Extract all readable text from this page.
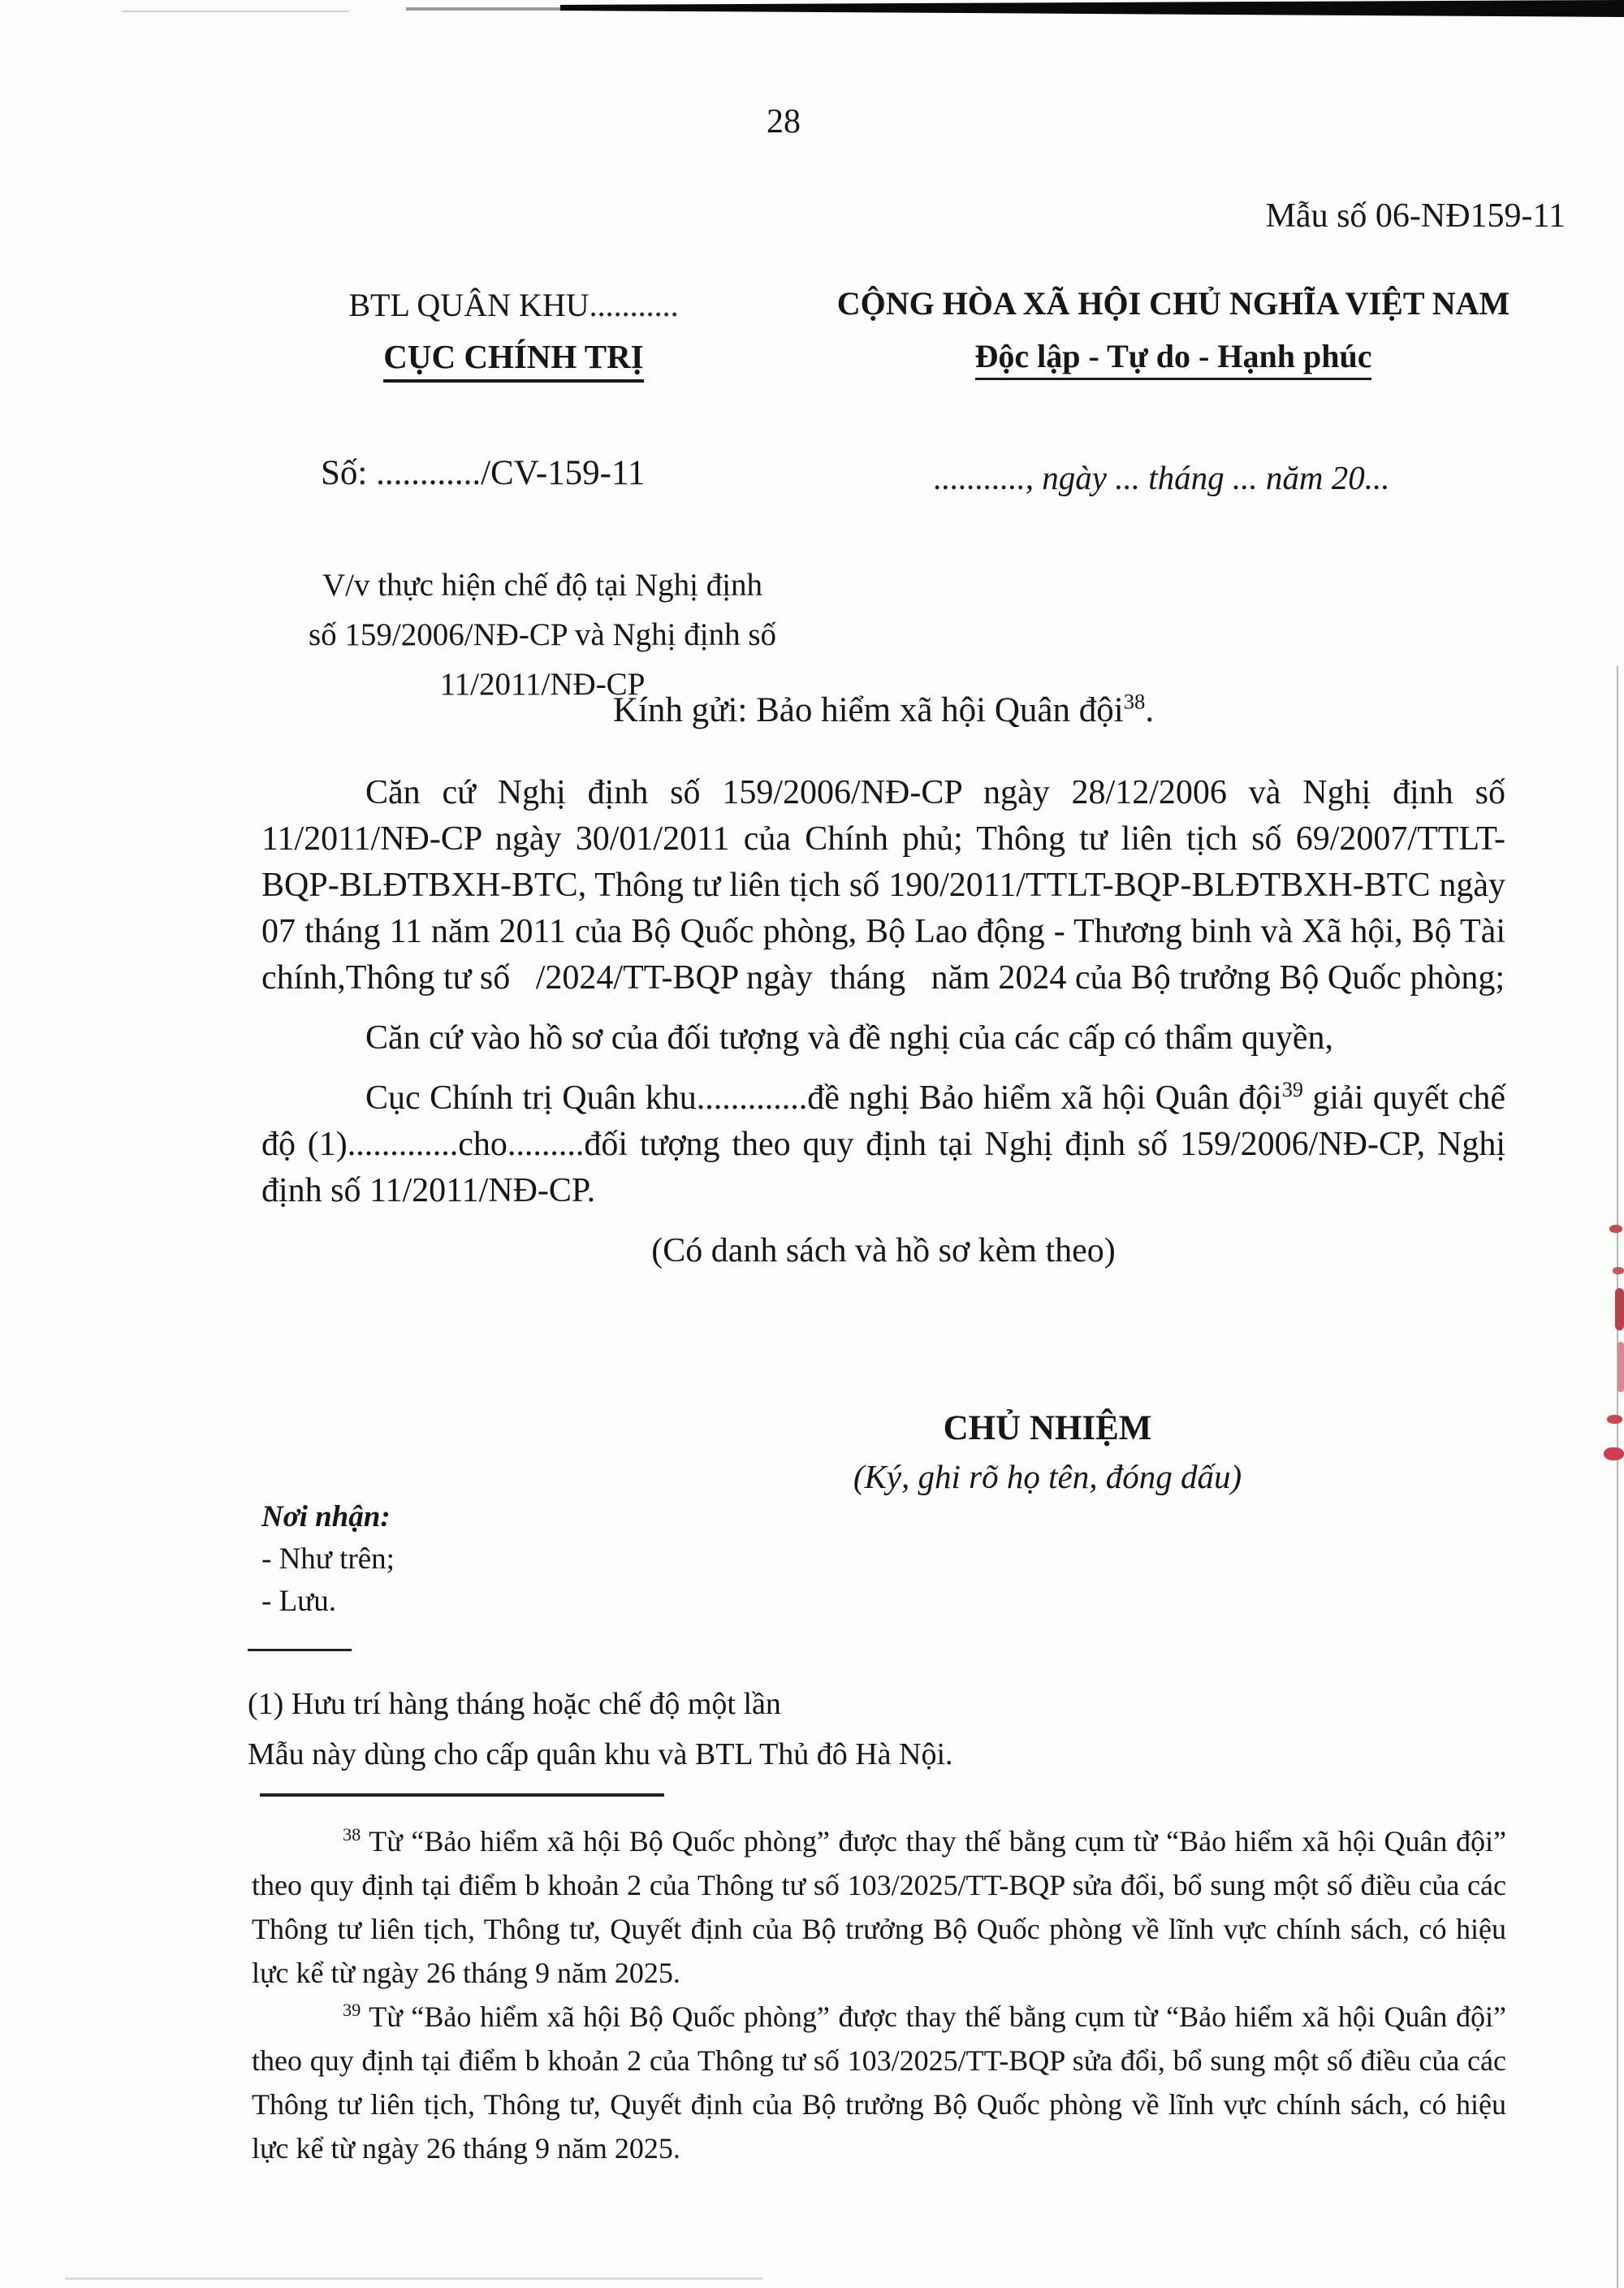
28
Mẫu số 06-NĐ159-11
BTL QUÂN KHU...........
CỤC CHÍNH TRỊ
CỘNG HÒA XÃ HỘI CHỦ NGHĨA VIỆT NAM
Độc lập - Tự do - Hạnh phúc
Số: ............/CV-159-11	..........., ngày ... tháng ... năm 20...
V/v thực hiện chế độ tại Nghị định
số 159/2006/NĐ-CP và Nghị định số
11/2011/NĐ-CP
Kính gửi: Bảo hiểm xã hội Quân đội$^{38}$.

Căn cứ Nghị định số 159/2006/NĐ-CP ngày 28/12/2006 và Nghị định số 11/2011/NĐ-CP ngày 30/01/2011 của Chính phủ; Thông tư liên tịch số 69/2007/TTLT-BQP-BLĐTBXH-BTC, Thông tư liên tịch số 190/2011/TTLT-BQP-BLĐTBXH-BTC ngày 07 tháng 11 năm 2011 của Bộ Quốc phòng, Bộ Lao động - Thương binh và Xã hội, Bộ Tài chính,Thông tư số   /2024/TT-BQP ngày  tháng   năm 2024 của Bộ trưởng Bộ Quốc phòng;

Căn cứ vào hồ sơ của đối tượng và đề nghị của các cấp có thẩm quyền,

Cục Chính trị Quân khu.............đề nghị Bảo hiểm xã hội Quân đội$^{39}$ giải quyết chế độ (1).............cho.........đối tượng theo quy định tại Nghị định số 159/2006/NĐ-CP, Nghị định số 11/2011/NĐ-CP.

(Có danh sách và hồ sơ kèm theo)

CHỦ NHIỆM
(Ký, ghi rõ họ tên, đóng dấu)
Nơi nhận:
- Như trên;
- Lưu.
(1) Hưu trí hàng tháng hoặc chế độ một lần
Mẫu này dùng cho cấp quân khu và BTL Thủ đô Hà Nội.

$^{38}$ Từ “Bảo hiểm xã hội Bộ Quốc phòng” được thay thế bằng cụm từ “Bảo hiểm xã hội Quân đội” theo quy định tại điểm b khoản 2 của Thông tư số 103/2025/TT-BQP sửa đổi, bổ sung một số điều của các Thông tư liên tịch, Thông tư, Quyết định của Bộ trưởng Bộ Quốc phòng về lĩnh vực chính sách, có hiệu lực kể từ ngày 26 tháng 9 năm 2025.

$^{39}$ Từ “Bảo hiểm xã hội Bộ Quốc phòng” được thay thế bằng cụm từ “Bảo hiểm xã hội Quân đội” theo quy định tại điểm b khoản 2 của Thông tư số 103/2025/TT-BQP sửa đổi, bổ sung một số điều của các Thông tư liên tịch, Thông tư, Quyết định của Bộ trưởng Bộ Quốc phòng về lĩnh vực chính sách, có hiệu lực kể từ ngày 26 tháng 9 năm 2025.
